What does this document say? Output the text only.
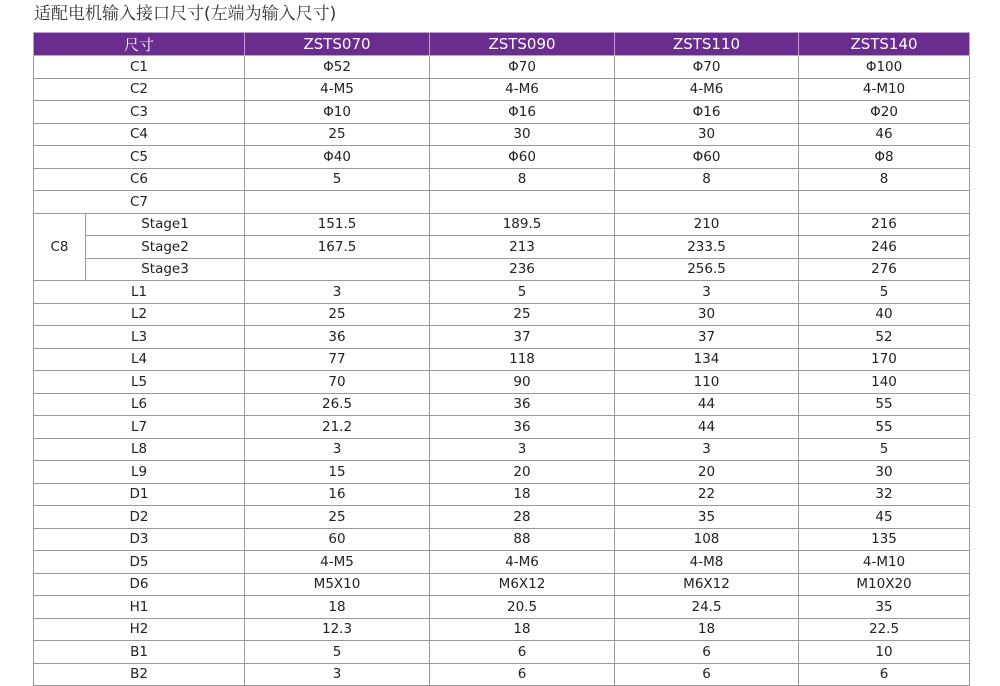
适配电机输入接口尺寸(左端为输入尺寸)
尺寸		ZSTS070	ZSTS090	ZSTS110	ZSTS140
C1		Φ52	Φ70	Φ70	Φ100
C2		4-M5	4-M6	4-M6	4-M10
C3		Φ10	Φ16	Φ16	Φ20
C4		25	30	30	46
C5		Φ40	Φ60	Φ60	Φ8
C6		5	8	8	8
C7					
C8	Stage1	151.5	189.5	210	216
	Stage2	167.5	213	233.5	246
	Stage3		236	256.5	276
L1		3	5	3	5
L2		25	25	30	40
L3		36	37	37	52
L4		77	118	134	170
L5		70	90	110	140
L6		26.5	36	44	55
L7		21.2	36	44	55
L8		3	3	3	5
L9		15	20	20	30
D1		16	18	22	32
D2		25	28	35	45
D3		60	88	108	135
D5		4-M5	4-M6	4-M8	4-M10
D6		M5X10	M6X12	M6X12	M10X20
H1		18	20.5	24.5	35
H2		12.3	18	18	22.5
B1		5	6	6	10
B2		3	6	6	6
